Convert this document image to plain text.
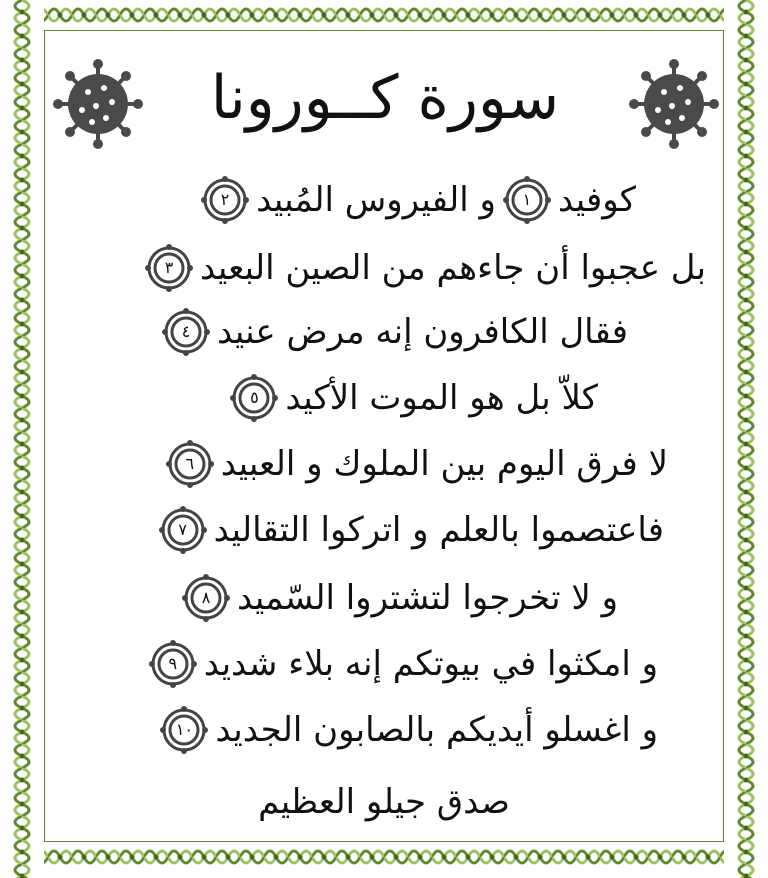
سورة كــورونا
كوفيد
١
و الفيروس المُبيد
٢
بل عجبوا أن جاءهم من الصين البعيد
٣
فقال الكافرون إنه مرض عنيد
٤
كلاّ بل هو الموت الأكيد
٥
لا فرق اليوم بين الملوك و العبيد
٦
فاعتصموا بالعلم و اتركوا التقاليد
٧
و لا تخرجوا لتشتروا السّميد
٨
و امكثوا في بيوتكم إنه بلاء شديد
٩
و اغسلو أيديكم بالصابون الجديد
١٠
صدق جيلو العظيم
